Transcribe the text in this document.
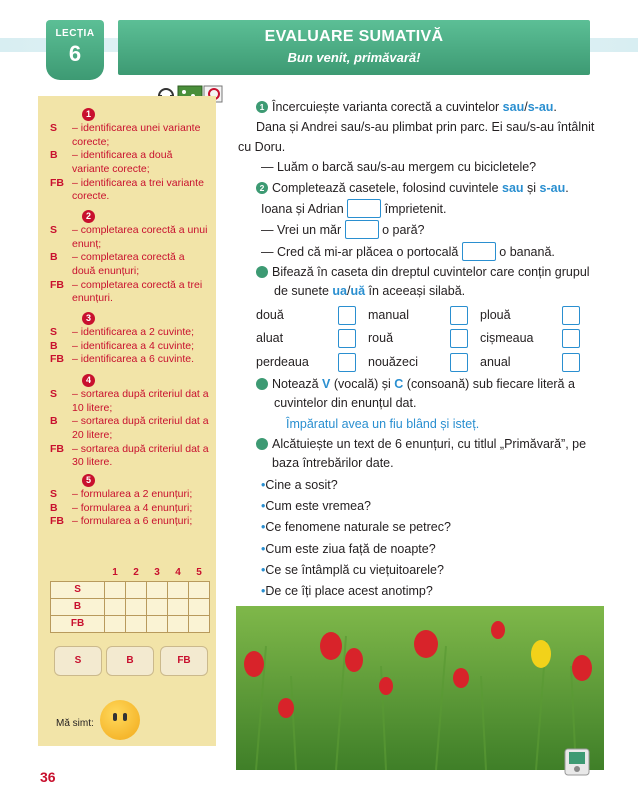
LECȚIA
6
EVALUARE SUMATIVĂ
Bun venit, primăvară!
1
S	– identificarea unei variante corecte;
B	– identificarea a două variante corecte;
FB – identificarea a trei variante corecte.
2
S	– completarea corectă a unui enunț;
B	– completarea corectă a două enunțuri;
FB – completarea corectă a trei enunțuri.
3
S	– identificarea a 2 cuvinte;
B	– identificarea a 4 cuvinte;
FB – identificarea a 6 cuvinte.
4
S	– sortarea după criteriul dat a 10 litere;
B	– sortarea după criteriul dat a 20 litere;
FB – sortarea după criteriul dat a 30 litere.
5
S	– formularea a 2 enunțuri;
B	– formularea a 4 enunțuri;
FB – formularea a 6 enunțuri;
	1	2	3	4	5
S					
B					
FB					
S	B	FB
Mă simt:
1 Încercuiește varianta corectă a cuvintelor sau/s-au.
Dana și Andrei sau/s-au plimbat prin parc. Ei sau/s-au întâlnit cu Doru.
— Luăm o barcă sau/s-au mergem cu bicicletele?
2 Completează casetele, folosind cuvintele sau și s-au.
Ioana și Adrian	împrietenit.
— Vrei un măr	o pară?
— Cred că mi-ar plăcea o portocală	o banană.
3 Bifează în caseta din dreptul cuvintelor care conțin grupul de sunete ua/uă în aceeași silabă.
două	manual	plouă
aluat	rouă	cișmeaua
perdeaua	nouăzeci	anual
4 Notează V (vocală) și C (consoană) sub fiecare literă a cuvintelor din enunțul dat.
Împăratul avea un fiu blând și isteț.
5 Alcătuiește un text de 6 enunțuri, cu titlul „Primăvară”, pe baza întrebărilor date.
•Cine a sosit?
•Cum este vremea?
•Ce fenomene naturale se petrec?
•Cum este ziua față de noapte?
•Ce se întâmplă cu viețuitoarele?
•De ce îți place acest anotimp?
36
